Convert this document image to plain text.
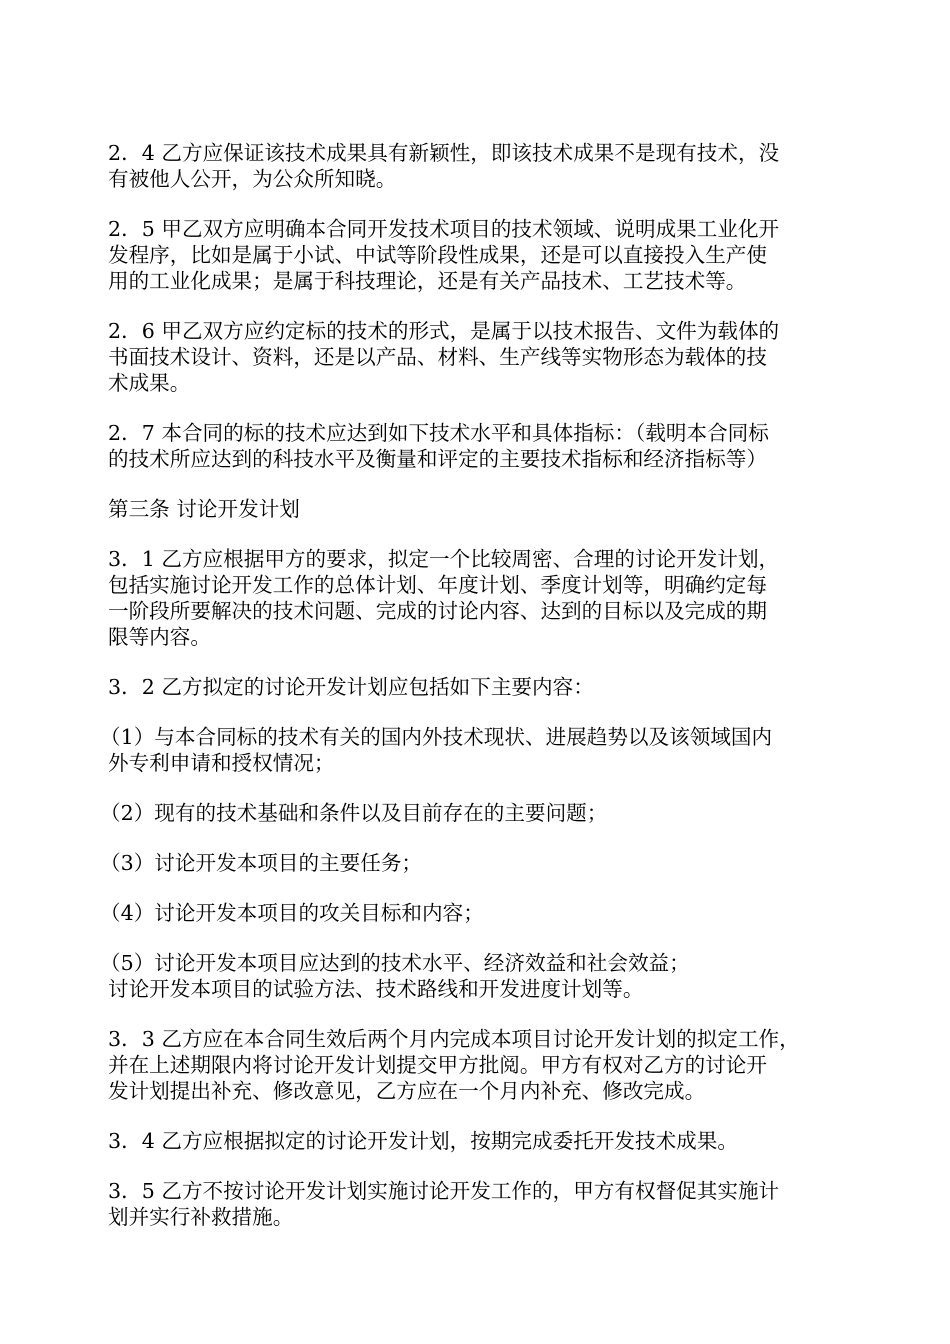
2．4 乙方应保证该技术成果具有新颖性，即该技术成果不是现有技术，没
有被他人公开，为公众所知晓。

2．5 甲乙双方应明确本合同开发技术项目的技术领域、说明成果工业化开
发程序，比如是属于小试、中试等阶段性成果，还是可以直接投入生产使
用的工业化成果；是属于科技理论，还是有关产品技术、工艺技术等。

2．6 甲乙双方应约定标的技术的形式，是属于以技术报告、文件为载体的
书面技术设计、资料，还是以产品、材料、生产线等实物形态为载体的技
术成果。

2．7 本合同的标的技术应达到如下技术水平和具体指标：（载明本合同标
的技术所应达到的科技水平及衡量和评定的主要技术指标和经济指标等）

第三条 讨论开发计划

3．1 乙方应根据甲方的要求，拟定一个比较周密、合理的讨论开发计划，
包括实施讨论开发工作的总体计划、年度计划、季度计划等，明确约定每
一阶段所要解决的技术问题、完成的讨论内容、达到的目标以及完成的期
限等内容。

3．2 乙方拟定的讨论开发计划应包括如下主要内容：

（1）与本合同标的技术有关的国内外技术现状、进展趋势以及该领域国内
外专利申请和授权情况；

（2）现有的技术基础和条件以及目前存在的主要问题；

（3）讨论开发本项目的主要任务；

（4）讨论开发本项目的攻关目标和内容；

（5）讨论开发本项目应达到的技术水平、经济效益和社会效益；
讨论开发本项目的试验方法、技术路线和开发进度计划等。

3．3 乙方应在本合同生效后两个月内完成本项目讨论开发计划的拟定工作，
并在上述期限内将讨论开发计划提交甲方批阅。甲方有权对乙方的讨论开
发计划提出补充、修改意见，乙方应在一个月内补充、修改完成。

3．4 乙方应根据拟定的讨论开发计划，按期完成委托开发技术成果。

3．5 乙方不按讨论开发计划实施讨论开发工作的，甲方有权督促其实施计
划并实行补救措施。
